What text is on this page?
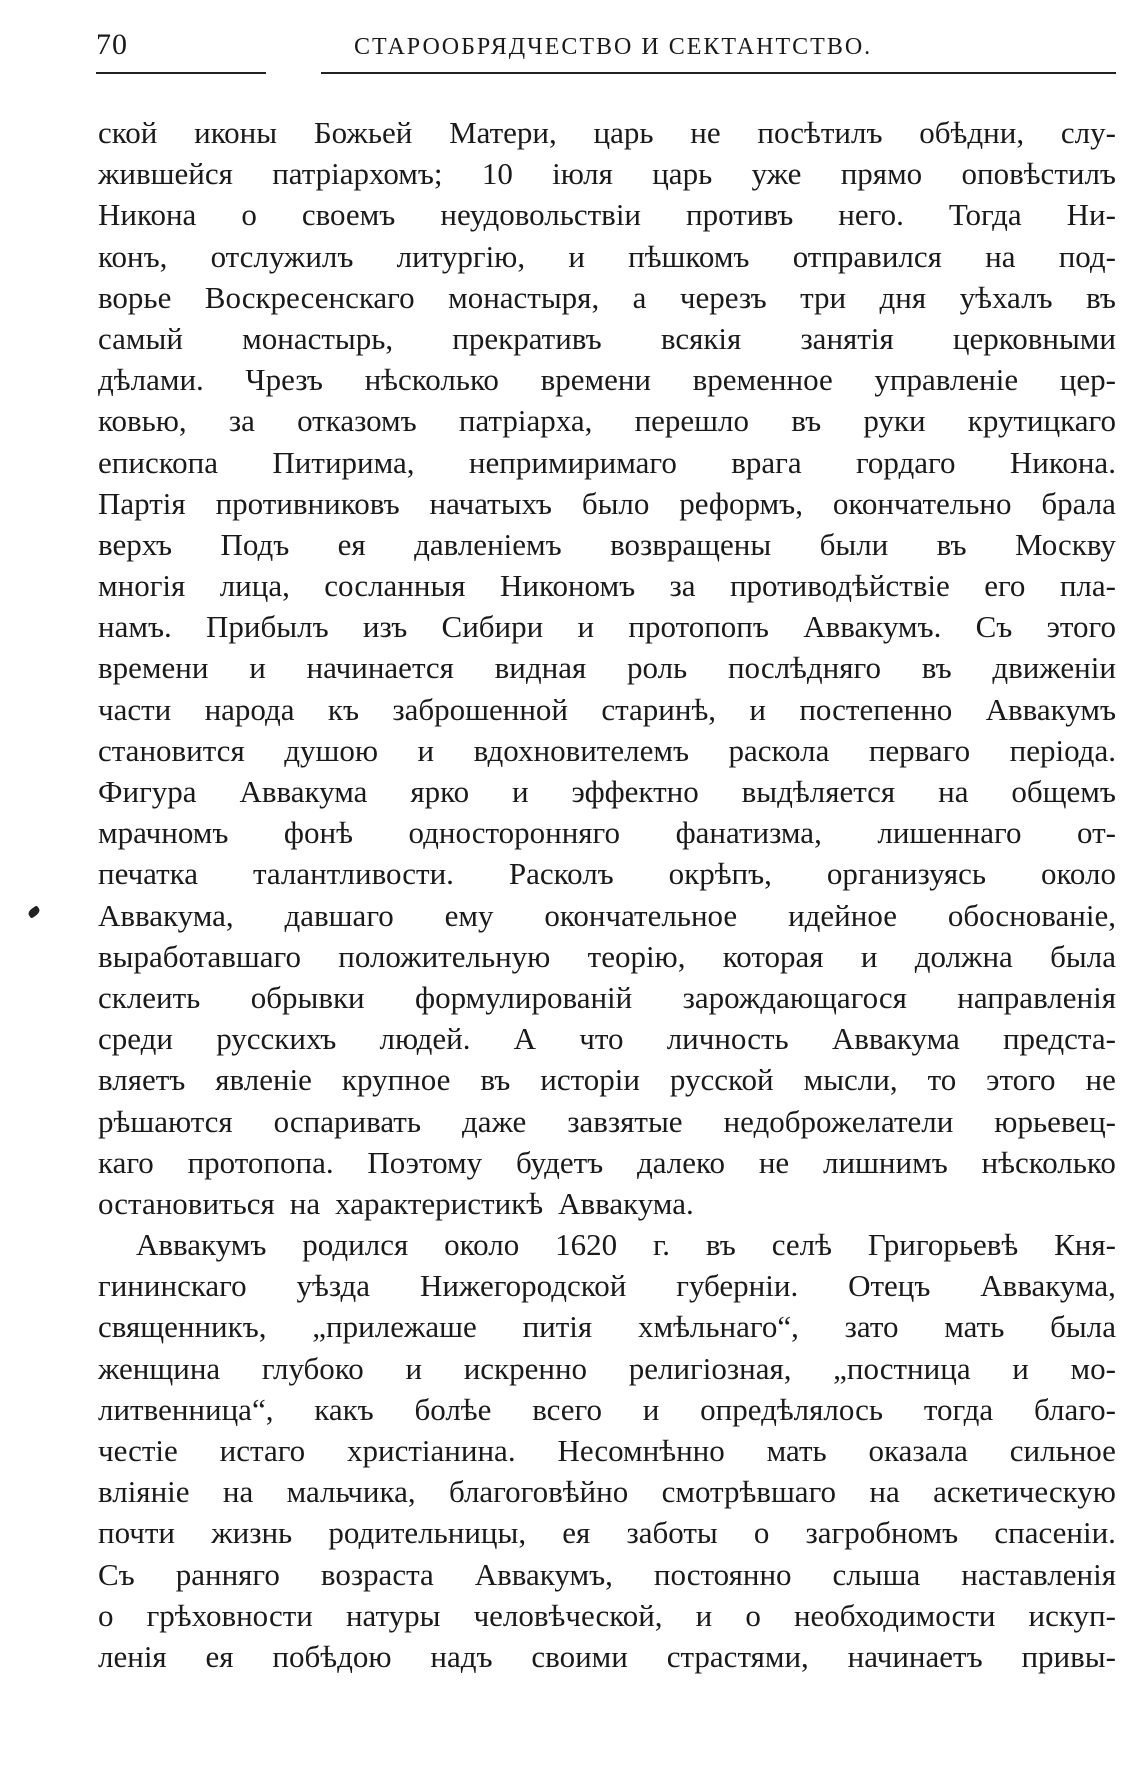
70	СТАРООБРЯДЧЕСТВО И СЕКТАНТСТВО.
ской иконы Божьей Матери, царь не посѣтилъ обѣдни, слу-
жившейся патріархомъ; 10 іюля царь уже прямо оповѣстилъ
Никона о своемъ неудовольствіи противъ него. Тогда Ни-
конъ, отслужилъ литургію, и пѣшкомъ отправился на под-
ворье Воскресенскаго монастыря, а черезъ три дня уѣхалъ въ
самый монастырь, прекративъ всякія занятія церковными
дѣлами. Чрезъ нѣсколько времени временное управленіе цер-
ковью, за отказомъ патріарха, перешло въ руки крутицкаго
епископа Питирима, непримиримаго врага гордаго Никона.
Партія противниковъ начатыхъ было реформъ, окончательно брала
верхъ Подъ ея давленіемъ возвращены были въ Москву
многія лица, сосланныя Никономъ за противодѣйствіе его пла-
намъ. Прибылъ изъ Сибири и протопопъ Аввакумъ. Съ этого
времени и начинается видная роль послѣдняго въ движеніи
части народа къ заброшенной старинѣ, и постепенно Аввакумъ
становится душою и вдохновителемъ раскола перваго періода.
Фигура Аввакума ярко и эффектно выдѣляется на общемъ
мрачномъ фонѣ односторонняго фанатизма, лишеннаго от-
печатка талантливости. Расколъ окрѣпъ, организуясь около
Аввакума, давшаго ему окончательное идейное обоснованіе,
выработавшаго положительную теорію, которая и должна была
склеить обрывки формулированій зарождающагося направленія
среди русскихъ людей. А что личность Аввакума предста-
вляетъ явленіе крупное въ исторіи русской мысли, то этого не
рѣшаются оспаривать даже завзятые недоброжелатели юрьевец-
каго протопопа. Поэтому будетъ далеко не лишнимъ нѣсколько
остановиться на характеристикѣ Аввакума.
Аввакумъ родился около 1620 г. въ селѣ Григорьевѣ Кня-
гининскаго уѣзда Нижегородской губерніи. Отецъ Аввакума,
священникъ, „прилежаше питія хмѣльнаго“, зато мать была
женщина глубоко и искренно религіозная, „постница и мо-
литвенница“, какъ болѣе всего и опредѣлялось тогда благо-
честіе истаго христіанина. Несомнѣнно мать оказала сильное
вліяніе на мальчика, благоговѣйно смотрѣвшаго на аскетическую
почти жизнь родительницы, ея заботы о загробномъ спасеніи.
Съ ранняго возраста Аввакумъ, постоянно слыша наставленія
о грѣховности натуры человѣческой, и о необходимости искуп-
ленія ея побѣдою надъ своими страстями, начинаетъ привы-
